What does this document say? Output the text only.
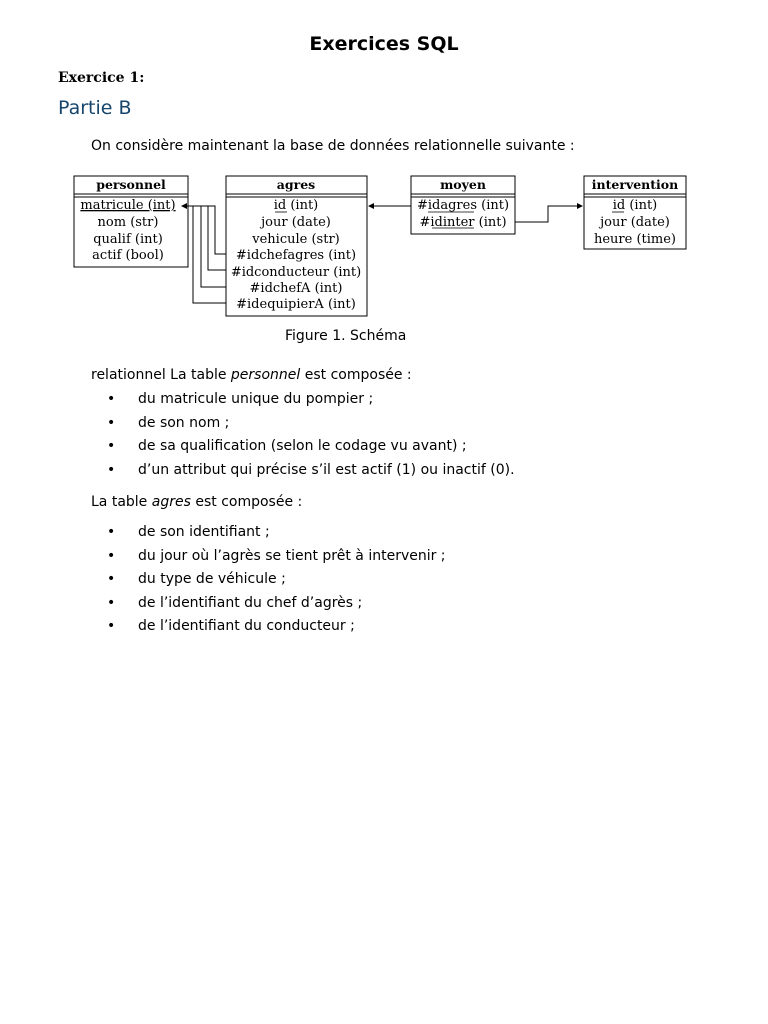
Exercices SQL
Exercice 1:
Partie B
On considère maintenant la base de données relationnelle suivante :
personnel
matricule (int)
nom (str)
qualif (int)
actif (bool)
agres
id (int)
jour (date)
vehicule (str)
#idchefagres (int)
#idconducteur (int)
#idchefA (int)
#idequipierA (int)
moyen
#idagres (int)
#idinter (int)
intervention
id (int)
jour (date)
heure (time)
Figure 1. Schéma
relationnel La table personnel est composée :
• du matricule unique du pompier ;
• de son nom ;
• de sa qualification (selon le codage vu avant) ;
• d’un attribut qui précise s’il est actif (1) ou inactif (0).
La table agres est composée :
• de son identifiant ;
• du jour où l’agrès se tient prêt à intervenir ;
• du type de véhicule ;
• de l’identifiant du chef d’agrès ;
• de l’identifiant du conducteur ;
